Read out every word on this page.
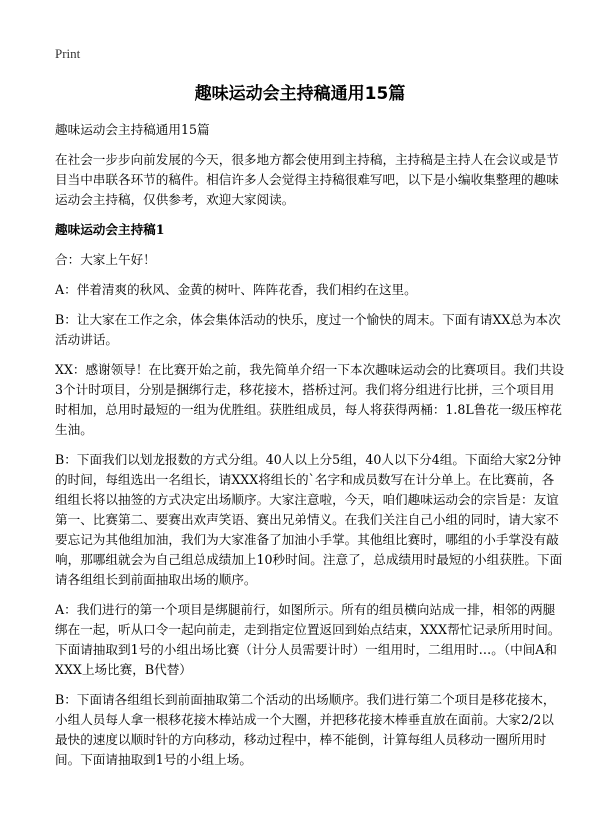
Print
趣味运动会主持稿通用15篇

趣味运动会主持稿通用15篇

在社会一步步向前发展的今天，很多地方都会使用到主持稿，主持稿是主持人在会议或是节目当中串联各环节的稿件。相信许多人会觉得主持稿很难写吧，以下是小编收集整理的趣味运动会主持稿，仅供参考，欢迎大家阅读。

趣味运动会主持稿1

合：大家上午好！

A：伴着清爽的秋风、金黄的树叶、阵阵花香，我们相约在这里。

B：让大家在工作之余，体会集体活动的快乐，度过一个愉快的周末。下面有请XX总为本次活动讲话。

XX：感谢领导！在比赛开始之前，我先简单介绍一下本次趣味运动会的比赛项目。我们共设3个计时项目，分别是捆绑行走，移花接木，搭桥过河。我们将分组进行比拼，三个项目用时相加，总用时最短的一组为优胜组。获胜组成员，每人将获得两桶：1.8L鲁花一级压榨花生油。

B：下面我们以划龙报数的方式分组。40人以上分5组，40人以下分4组。下面给大家2分钟的时间，每组选出一名组长，请XXX将组长的`名字和成员数写在计分单上。在比赛前，各组组长将以抽签的方式决定出场顺序。大家注意啦，今天，咱们趣味运动会的宗旨是：友谊第一、比赛第二、要赛出欢声笑语、赛出兄弟情义。在我们关注自己小组的同时，请大家不要忘记为其他组加油，我们为大家准备了加油小手掌。其他组比赛时，哪组的小手掌没有敲响，那哪组就会为自己组总成绩加上10秒时间。注意了，总成绩用时最短的小组获胜。下面请各组组长到前面抽取出场的顺序。

A：我们进行的第一个项目是绑腿前行，如图所示。所有的组员横向站成一排，相邻的两腿绑在一起，听从口令一起向前走，走到指定位置返回到始点结束，XXX帮忙记录所用时间。下面请抽取到1号的小组出场比赛（计分人员需要计时）一组用时，二组用时…。（中间A和XXX上场比赛，B代替）

B：下面请各组组长到前面抽取第二个活动的出场顺序。我们进行第二个项目是移花接木，小组人员每人拿一根移花接木棒站成一个大圈，并把移花接木棒垂直放在面前。大家2/2以最快的速度以顺时针的方向移动，移动过程中，棒不能倒，计算每组人员移动一圈所用时间。下面请抽取到1号的小组上场。
